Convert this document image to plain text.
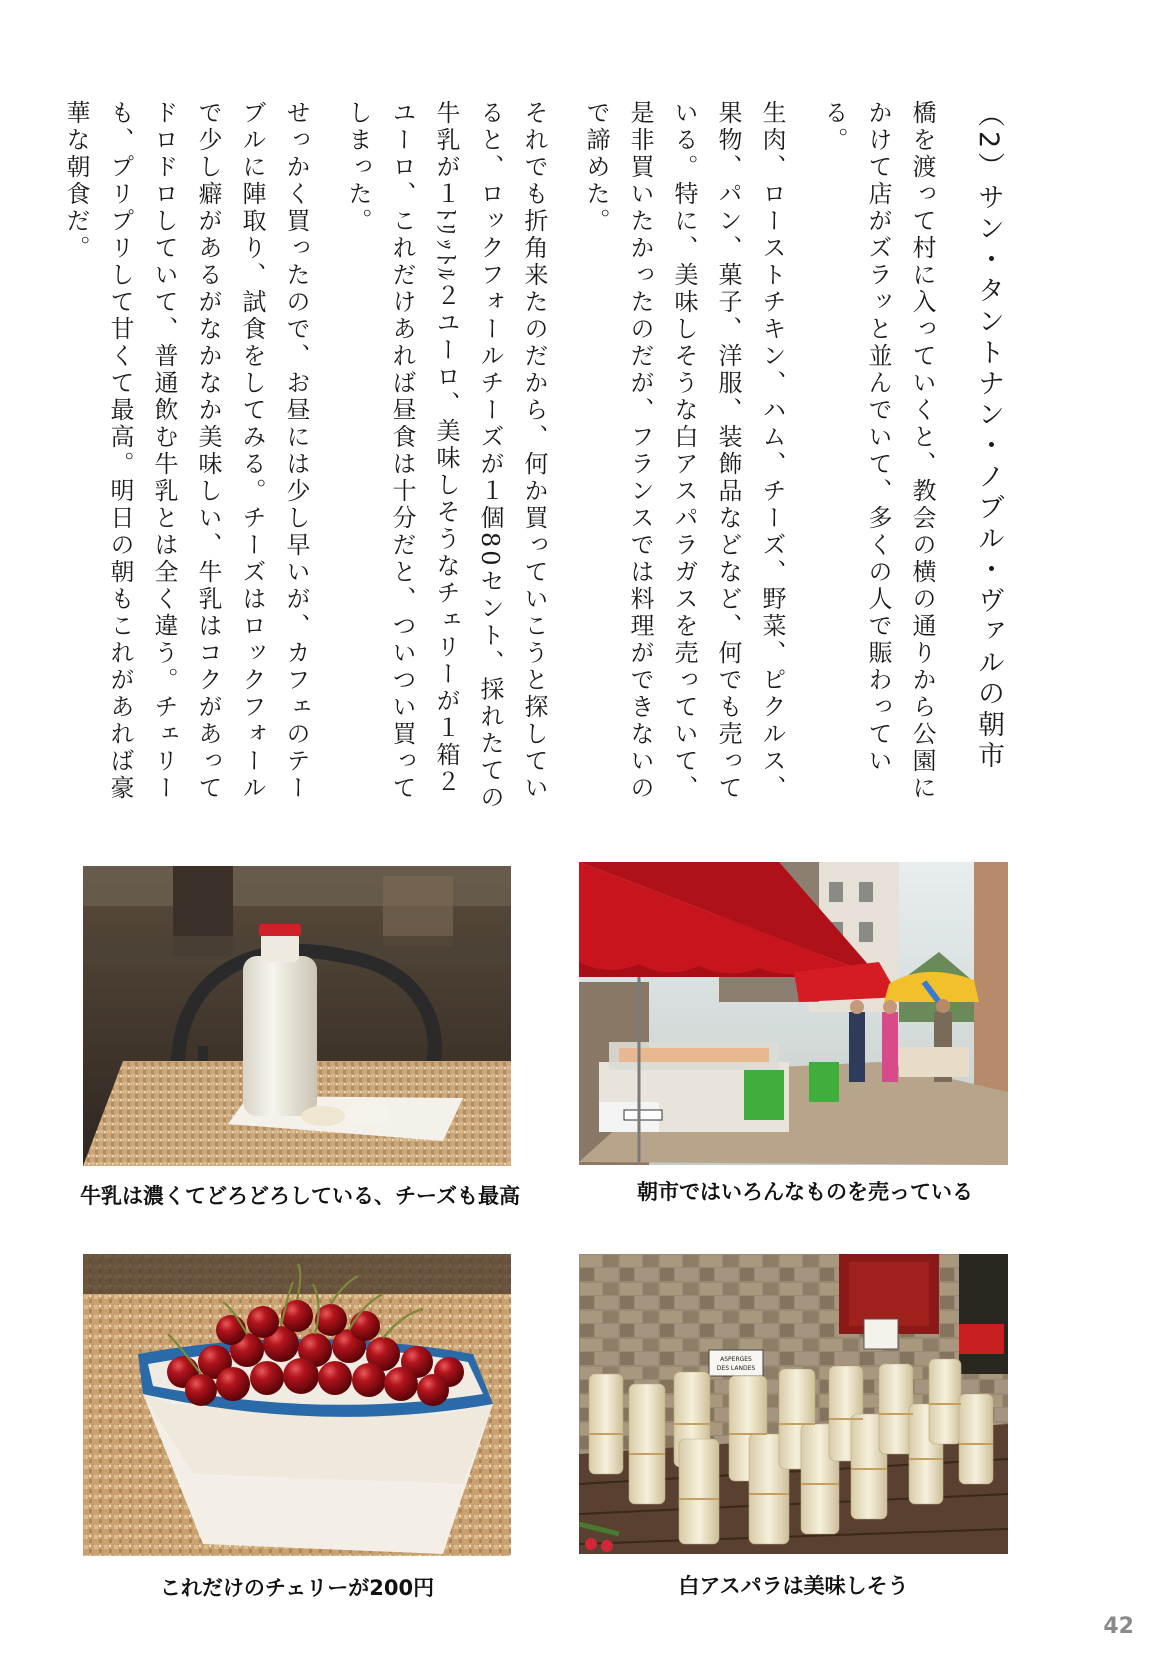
（2）サン・タントナン・ノブル・ヴァルの朝市

橋を渡って村に入っていくと、教会の横の通りから公園にかけて店がズラッと並んでいて、多くの人で賑わっている。

生肉、ローストチキン、ハム、チーズ、野菜、ピクルス、果物、パン、菓子、洋服、装飾品などなど、何でも売っている。特に、美味しそうな白アスパラガスを売っていて、是非買いたかったのだが、フランスでは料理ができないので諦めた。

それでも折角来たのだから、何か買っていこうと探していると、ロックフォールチーズが１個80セント、採れたての牛乳が１ﾄﾘｯﾄﾙ２ユーロ、美味しそうなチェリーが１箱２ユーロ、これだけあれば昼食は十分だと、ついつい買ってしまった。

せっかく買ったので、お昼には少し早いが、カフェのテーブルに陣取り、試食をしてみる。チーズはロックフォールで少し癖があるがなかなか美味しい、牛乳はコクがあってドロドロしていて、普通飲む牛乳とは全く違う。チェリーも、プリプリして甘くて最高。明日の朝もこれがあれば豪華な朝食だ。

牛乳は濃くてどろどろしている、チーズも最高	朝市ではいろんなものを売っている
これだけのチェリーが200円
ASPERGES
DES LANDES
白アスパラは美味しそう
42
